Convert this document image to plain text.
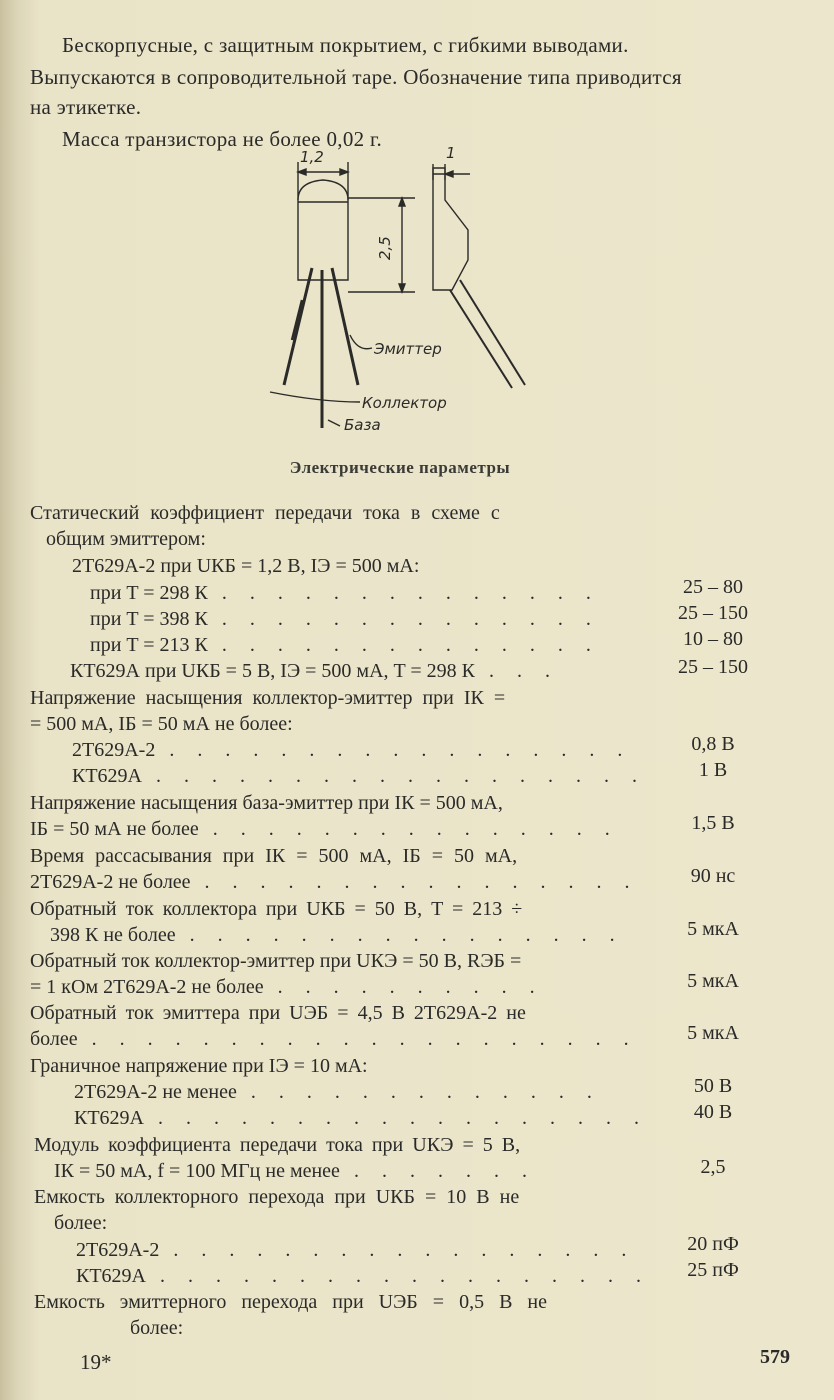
Бескорпусные, с защитным покрытием, с гибкими выводами.

Выпускаются в сопроводительной таре. Обозначение типа приводится

на этикетке.

Масса транзистора не более 0,02 г.

1,2
2,5
1
Эмиттер
Коллектор
База
Электрические параметры
Статический коэффициент передачи тока в схеме с
общим эмиттером:
2Т629А-2 при UКБ = 1,2 В, IЭ = 500 мА:
при T = 298 К . . . . . . . . . . . . . .	25 – 80
при T = 398 К . . . . . . . . . . . . . .	25 – 150
при T = 213 К . . . . . . . . . . . . . .	10 – 80
КТ629А при UКБ = 5 В, IЭ = 500 мА, T = 298 К . . .	25 – 150
Напряжение насыщения коллектор-эмиттер при IК =
= 500 мА, IБ = 50 мА не более:
2Т629А-2 . . . . . . . . . . . . . . . . .	0,8 В
КТ629А . . . . . . . . . . . . . . . . . .	1 В
Напряжение насыщения база-эмиттер при IК = 500 мА,
IБ = 50 мА не более . . . . . . . . . . . . . . .	1,5 В
Время рассасывания при IК = 500 мА, IБ = 50 мА,
2Т629А-2 не более . . . . . . . . . . . . . . . .	90 нс
Обратный ток коллектора при UКБ = 50 В, T = 213 ÷
398 К не более . . . . . . . . . . . . . . . .	5 мкА
Обратный ток коллектор-эмиттер при UКЭ = 50 В, RЭБ =
= 1 кОм 2Т629А-2 не более . . . . . . . . . .	5 мкА
Обратный ток эмиттера при UЭБ = 4,5 В 2Т629А-2 не
более . . . . . . . . . . . . . . . . . . . .	5 мкА
Граничное напряжение при IЭ = 10 мА:
2Т629А-2 не менее . . . . . . . . . . . . .	50 В
КТ629А . . . . . . . . . . . . . . . . . .	40 В
Модуль коэффициента передачи тока при UКЭ = 5 В,
IК = 50 мА, f = 100 МГц не менее . . . . . . .	2,5
Емкость коллекторного перехода при UКБ = 10 В не
более:
2Т629А-2 . . . . . . . . . . . . . . . . .	20 пФ
КТ629А . . . . . . . . . . . . . . . . . .	25 пФ
Емкость эмиттерного перехода при UЭБ = 0,5 В не
более:
19*	579
